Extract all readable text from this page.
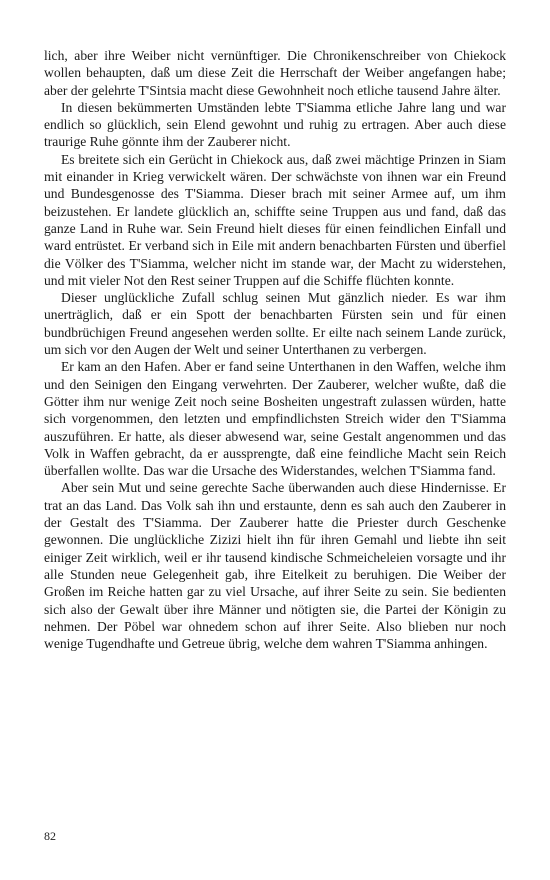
lich, aber ihre Weiber nicht vernünftiger. Die Chronikenschreiber von Chiekock wollen behaupten, daß um diese Zeit die Herrschaft der Weiber angefangen habe; aber der gelehrte T'Sintsia macht diese Gewohnheit noch etliche tausend Jahre älter.

In diesen bekümmerten Umständen lebte T'Siamma etliche Jahre lang und war endlich so glücklich, sein Elend gewohnt und ruhig zu ertragen. Aber auch diese traurige Ruhe gönnte ihm der Zauberer nicht.

Es breitete sich ein Gerücht in Chiekock aus, daß zwei mächtige Prinzen in Siam mit einander in Krieg verwickelt wären. Der schwächste von ihnen war ein Freund und Bundesgenosse des T'Siamma. Dieser brach mit seiner Armee auf, um ihm beizustehen. Er landete glücklich an, schiffte seine Truppen aus und fand, daß das ganze Land in Ruhe war. Sein Freund hielt dieses für einen feindlichen Einfall und ward entrüstet. Er verband sich in Eile mit andern benachbarten Fürsten und überfiel die Völker des T'Siamma, welcher nicht im stande war, der Macht zu widerstehen, und mit vieler Not den Rest seiner Truppen auf die Schiffe flüchten konnte.

Dieser unglückliche Zufall schlug seinen Mut gänzlich nieder. Es war ihm unerträglich, daß er ein Spott der benachbarten Fürsten sein und für einen bundbrüchigen Freund angesehen werden sollte. Er eilte nach seinem Lande zurück, um sich vor den Augen der Welt und seiner Unterthanen zu verbergen.

Er kam an den Hafen. Aber er fand seine Unterthanen in den Waffen, welche ihm und den Seinigen den Eingang verwehrten. Der Zauberer, welcher wußte, daß die Götter ihm nur wenige Zeit noch seine Bosheiten ungestraft zulassen würden, hatte sich vorgenommen, den letzten und empfindlichsten Streich wider den T'Siamma auszuführen. Er hatte, als dieser abwesend war, seine Gestalt angenommen und das Volk in Waffen gebracht, da er aussprengte, daß eine feindliche Macht sein Reich überfallen wollte. Das war die Ursache des Widerstandes, welchen T'Siamma fand.

Aber sein Mut und seine gerechte Sache überwanden auch diese Hindernisse. Er trat an das Land. Das Volk sah ihn und erstaunte, denn es sah auch den Zauberer in der Gestalt des T'Siamma. Der Zauberer hatte die Priester durch Geschenke gewonnen. Die unglückliche Zizizi hielt ihn für ihren Gemahl und liebte ihn seit einiger Zeit wirklich, weil er ihr tausend kindische Schmeicheleien vorsagte und ihr alle Stunden neue Gelegenheit gab, ihre Eitelkeit zu beruhigen. Die Weiber der Großen im Reiche hatten gar zu viel Ursache, auf ihrer Seite zu sein. Sie bedienten sich also der Gewalt über ihre Männer und nötigten sie, die Partei der Königin zu nehmen. Der Pöbel war ohnedem schon auf ihrer Seite. Also blieben nur noch wenige Tugendhafte und Getreue übrig, welche dem wahren T'Siamma anhingen.

82
